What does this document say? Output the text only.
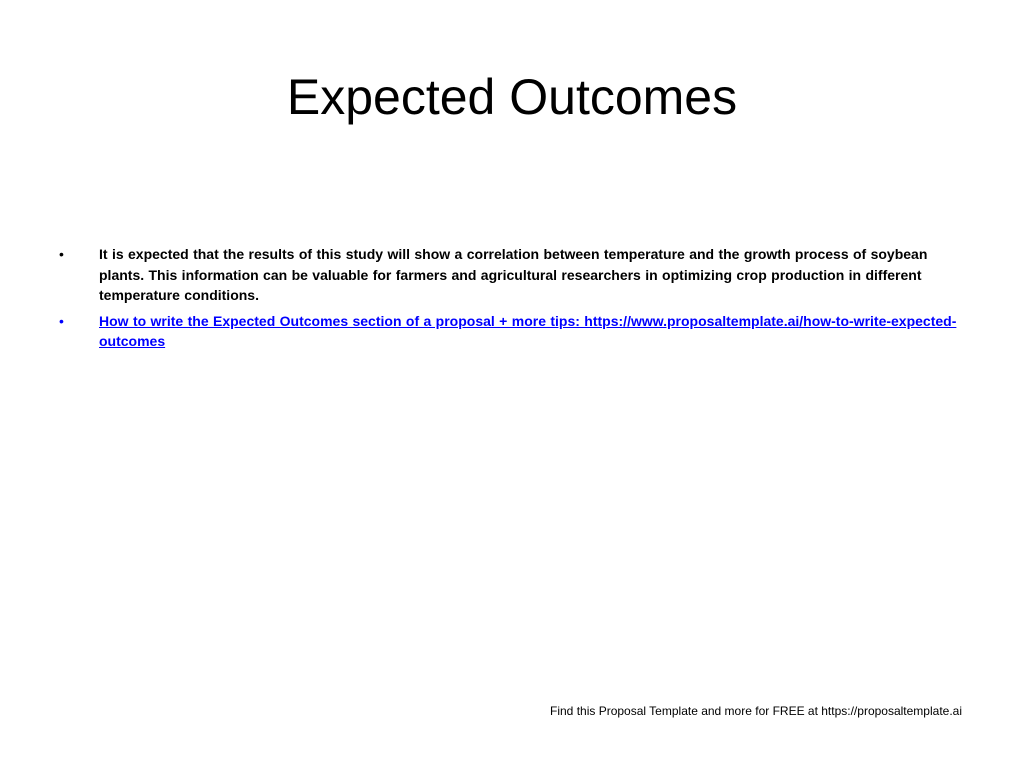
Expected Outcomes
•	It is expected that the results of this study will show a correlation between temperature and the growth process of soybean plants. This information can be valuable for farmers and agricultural researchers in optimizing crop production in different temperature conditions.
•	How to write the Expected Outcomes section of a proposal + more tips: https://www.proposaltemplate.ai/how-to-write-expected-outcomes
Find this Proposal Template and more for FREE at https://proposaltemplate.ai
